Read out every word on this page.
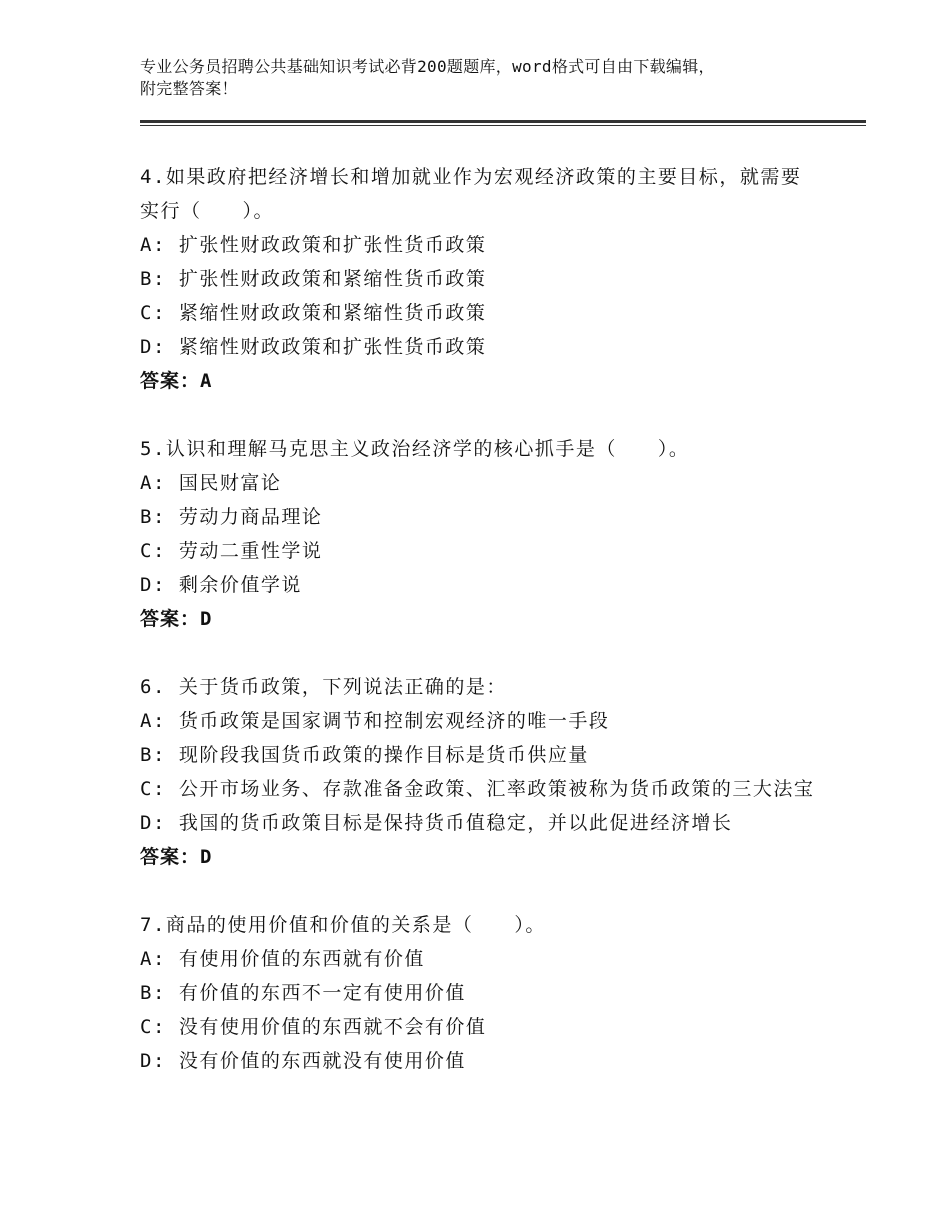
专业公务员招聘公共基础知识考试必背200题题库，word格式可自由下载编辑，
附完整答案！
4.如果政府把经济增长和增加就业作为宏观经济政策的主要目标，就需要实行（　　）。
A: 扩张性财政政策和扩张性货币政策
B: 扩张性财政政策和紧缩性货币政策
C: 紧缩性财政政策和紧缩性货币政策
D: 紧缩性财政政策和扩张性货币政策
答案：A
5.认识和理解马克思主义政治经济学的核心抓手是（　　）。
A: 国民财富论
B: 劳动力商品理论
C: 劳动二重性学说
D: 剩余价值学说
答案：D
6. 关于货币政策，下列说法正确的是：
A: 货币政策是国家调节和控制宏观经济的唯一手段
B: 现阶段我国货币政策的操作目标是货币供应量
C: 公开市场业务、存款准备金政策、汇率政策被称为货币政策的三大法宝
D: 我国的货币政策目标是保持货币值稳定，并以此促进经济增长
答案：D
7.商品的使用价值和价值的关系是（　　）。
A: 有使用价值的东西就有价值
B: 有价值的东西不一定有使用价值
C: 没有使用价值的东西就不会有价值
D: 没有价值的东西就没有使用价值
